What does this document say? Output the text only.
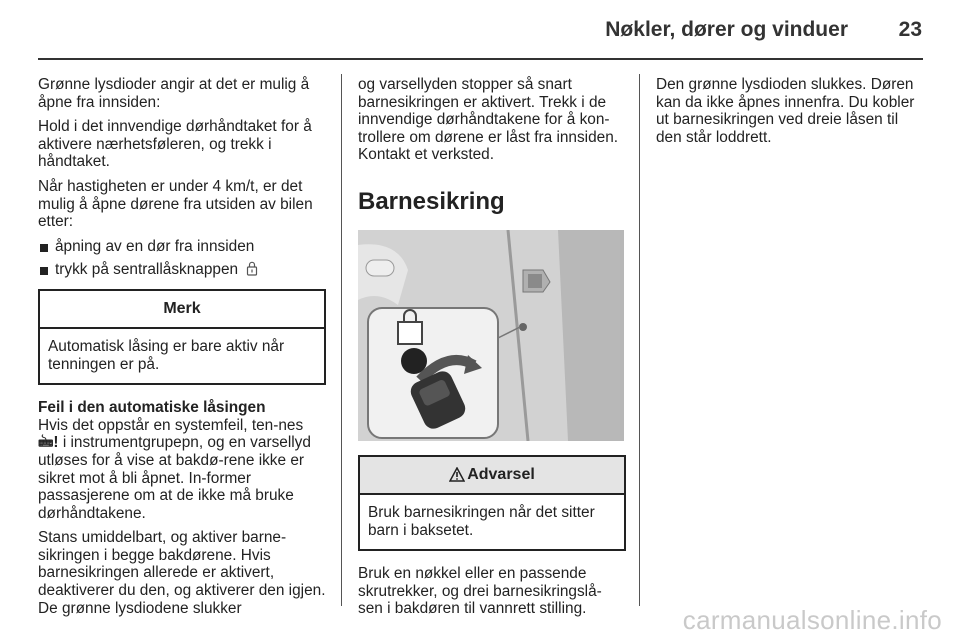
Nøkler, dører og vinduer	23

Grønne lysdioder angir at det er mulig å åpne fra innsiden:

Hold i det innvendige dørhåndtaket for å aktivere nærhetsføleren, og trekk i håndtaket.

Når hastigheten er under 4 km/t, er det mulig å åpne dørene fra utsiden av bilen etter:

åpning av en dør fra innsiden
trykk på sentrallåsknappen
Merk
Automatisk låsing er bare aktiv når tenningen er på.

Feil i den automatiske låsingen
Hvis det oppstår en systemfeil, ten-nes 🖮! i instrumentgrupepn, og en varsellyd utløses for å vise at bakdø-rene ikke er sikret mot å bli åpnet. In-former passasjerene om at de ikke må bruke dørhåndtakene.

Stans umiddelbart, og aktiver barne-sikringen i begge bakdørene. Hvis barnesikringen allerede er aktivert, deaktiverer du den, og aktiverer den igjen. De grønne lysdiodene slukker

og varsellyden stopper så snart barnesikringen er aktivert. Trekk i de innvendige dørhåndtakene for å kon-trollere om dørene er låst fra innsiden. Kontakt et verksted.

Barnesikring
Advarsel
Bruk barnesikringen når det sitter barn i baksetet.

Bruk en nøkkel eller en passende skrutrekker, og drei barnesikringslå-sen i bakdøren til vannrett stilling.

Den grønne lysdioden slukkes. Døren kan da ikke åpnes innenfra. Du kobler ut barnesikringen ved dreie låsen til den står loddrett.

carmanualsonline.info
